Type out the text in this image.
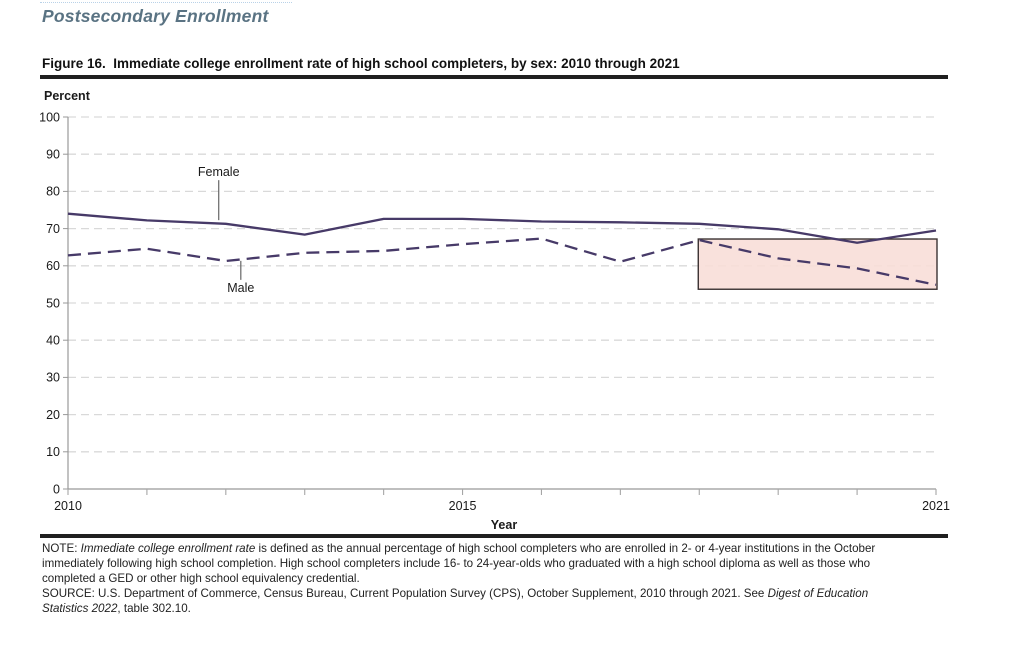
Postsecondary Enrollment
Figure 16.  Immediate college enrollment rate of high school completers, by sex: 2010 through 2021
0
10
20
30
40
50
60
70
80
90
100
2010	2015	2021
Percent
Year
Female
Male
NOTE: Immediate college enrollment rate is defined as the annual percentage of high school completers who are enrolled in 2- or 4-year institutions in the October
immediately following high school completion. High school completers include 16- to 24-year-olds who graduated with a high school diploma as well as those who
completed a GED or other high school equivalency credential.
SOURCE: U.S. Department of Commerce, Census Bureau, Current Population Survey (CPS), October Supplement, 2010 through 2021. See Digest of Education
Statistics 2022, table 302.10.
